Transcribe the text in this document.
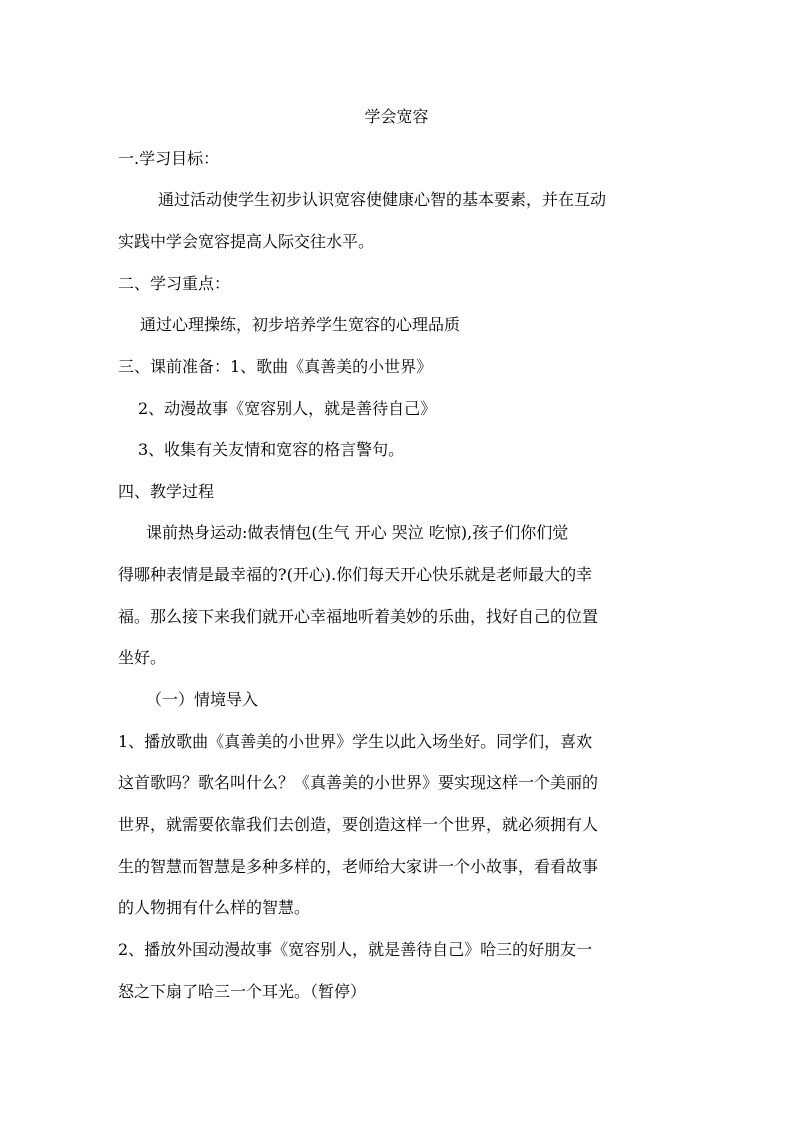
学会宽容
一.学习目标：
通过活动使学生初步认识宽容使健康心智的基本要素，并在互动
实践中学会宽容提高人际交往水平。
二、学习重点：
通过心理操练，初步培养学生宽容的心理品质
三、课前准备：1、歌曲《真善美的小世界》
2、动漫故事《宽容别人，就是善待自己》
3、收集有关友情和宽容的格言警句。
四、教学过程
课前热身运动:做表情包(生气 开心 哭泣 吃惊),孩子们你们觉
得哪种表情是最幸福的?(开心).你们每天开心快乐就是老师最大的幸
福。那么接下来我们就开心幸福地听着美妙的乐曲，找好自己的位置
坐好。
（一）情境导入
1、播放歌曲《真善美的小世界》学生以此入场坐好。同学们，喜欢
这首歌吗？歌名叫什么？《真善美的小世界》要实现这样一个美丽的
世界，就需要依靠我们去创造，要创造这样一个世界，就必须拥有人
生的智慧而智慧是多种多样的，老师给大家讲一个小故事，看看故事
的人物拥有什么样的智慧。
2、播放外国动漫故事《宽容别人，就是善待自己》哈三的好朋友一
怒之下扇了哈三一个耳光。（暂停）
